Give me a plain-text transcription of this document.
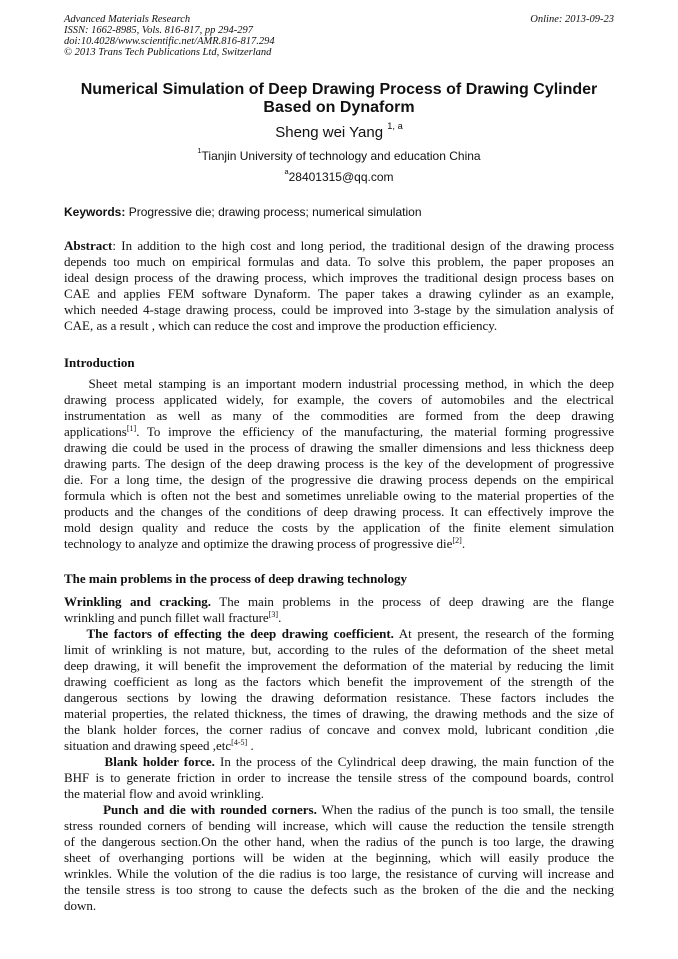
Advanced Materials Research
ISSN: 1662-8985, Vols. 816-817, pp 294-297
doi:10.4028/www.scientific.net/AMR.816-817.294
© 2013 Trans Tech Publications Ltd, Switzerland
Online: 2013-09-23
Numerical Simulation of Deep Drawing Process of Drawing Cylinder
Based on Dynaform
Sheng wei Yang $^{1, a}$
$^1$Tianjin University of technology and education China
$^a$28401315@qq.com
Keywords: Progressive die; drawing process; numerical simulation
Abstract: In addition to the high cost and long period, the traditional design of the drawing process
depends too much on empirical formulas and data. To solve this problem, the paper proposes an
ideal design process of the drawing process, which improves the traditional design process bases on
CAE and applies FEM software Dynaform. The paper takes a drawing cylinder as an example,
which needed 4-stage drawing process, could be improved into 3-stage by the simulation analysis of
CAE, as a result , which can reduce the cost and improve the production efficiency.
Introduction
Sheet metal stamping is an important modern industrial processing method, in which the deep
drawing process applicated widely, for example, the covers of automobiles and the electrical
instrumentation as well as many of the commodities are formed from the deep drawing
applications[1]. To improve the efficiency of the manufacturing, the material forming progressive
drawing die could be used in the process of drawing the smaller dimensions and less thickness deep
drawing parts. The design of the deep drawing process is the key of the development of progressive
die. For a long time, the design of the progressive die drawing process depends on the empirical
formula which is often not the best and sometimes unreliable owing to the material properties of the
products and the changes of the conditions of deep drawing process. It can effectively improve the
mold design quality and reduce the costs by the application of the finite element simulation
technology to analyze and optimize the drawing process of progressive die[2].
The main problems in the process of deep drawing technology
Wrinkling and cracking. The main problems in the process of deep drawing are the flange
wrinkling and punch fillet wall fracture[3].
The factors of effecting the deep drawing coefficient. At present, the research of the forming
limit of wrinkling is not mature, but, according to the rules of the deformation of the sheet metal
deep drawing, it will benefit the improvement the deformation of the material by reducing the limit
drawing coefficient as long as the factors which benefit the improvement of the strength of the
dangerous sections by lowing the drawing deformation resistance. These factors includes the
material properties, the related thickness, the times of drawing, the drawing methods and the size of
the blank holder forces, the corner radius of concave and convex mold, lubricant condition ,die
situation and drawing speed ,etc[4-5] .
Blank holder force. In the process of the Cylindrical deep drawing, the main function of the
BHF is to generate friction in order to increase the tensile stress of the compound boards, control
the material flow and avoid wrinkling.
Punch and die with rounded corners. When the radius of the punch is too small, the tensile
stress rounded corners of bending will increase, which will cause the reduction the tensile strength
of the dangerous section.On the other hand, when the radius of the punch is too large, the drawing
sheet of overhanging portions will be widen at the beginning, which will easily produce the
wrinkles. While the volution of the die radius is too large, the resistance of curving will increase and
the tensile stress is too strong to cause the defects such as the broken of the die and the necking
down.
